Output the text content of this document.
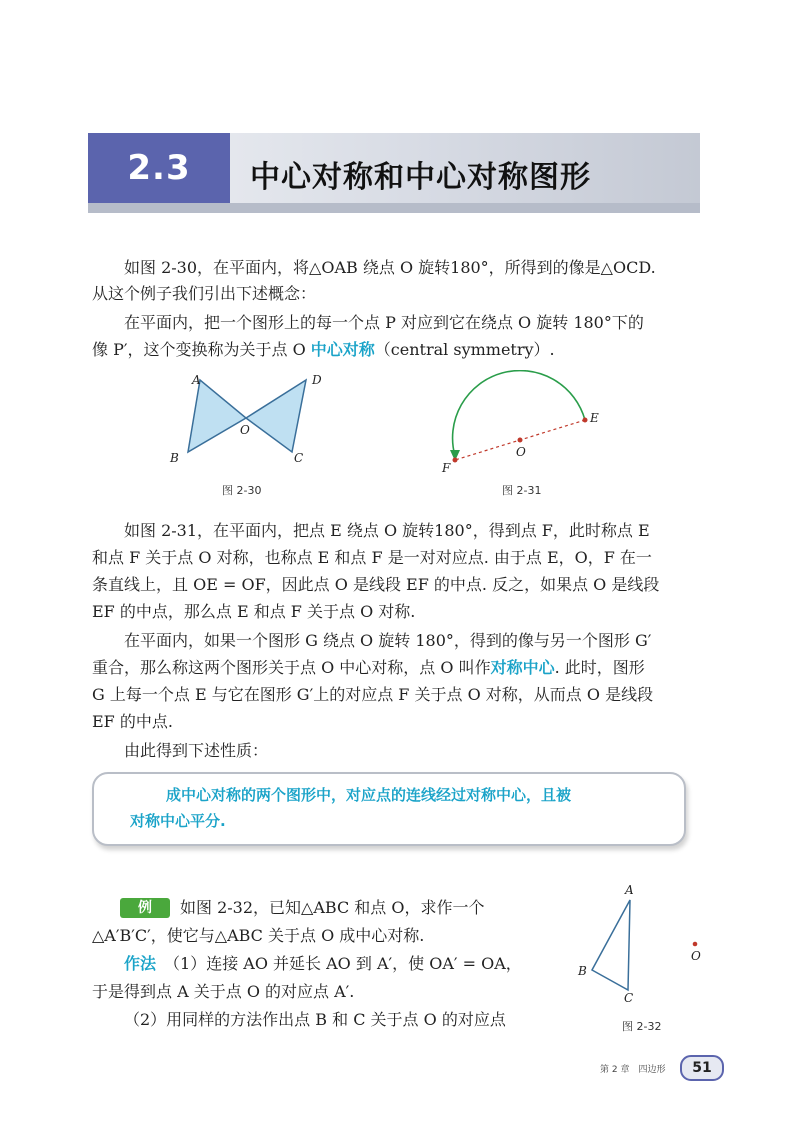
2.3	中心对称和中心对称图形
如图 2-30，在平面内，将△OAB 绕点 O 旋转180°，所得到的像是△OCD.
从这个例子我们引出下述概念：
在平面内，把一个图形上的每一个点 P 对应到它在绕点 O 旋转 180°下的
像 P′，这个变换称为关于点 O 中心对称（central symmetry）.
A	D
O
B	C
图 2-30
E
O
F
图 2-31
如图 2-31，在平面内，把点 E 绕点 O 旋转180°，得到点 F，此时称点 E
和点 F 关于点 O 对称，也称点 E 和点 F 是一对对应点. 由于点 E，O，F 在一
条直线上，且 OE = OF，因此点 O 是线段 EF 的中点. 反之，如果点 O 是线段
EF 的中点，那么点 E 和点 F 关于点 O 对称.
在平面内，如果一个图形 G 绕点 O 旋转 180°，得到的像与另一个图形 G′
重合，那么称这两个图形关于点 O 中心对称，点 O 叫作对称中心. 此时，图形
G 上每一个点 E 与它在图形 G′上的对应点 F 关于点 O 对称，从而点 O 是线段
EF 的中点.
由此得到下述性质：
成中心对称的两个图形中，对应点的连线经过对称中心，且被
对称中心平分.
例	如图 2-32，已知△ABC 和点 O，求作一个
△A′B′C′，使它与△ABC 关于点 O 成中心对称.
作法  （1）连接 AO 并延长 AO 到 A′，使 OA′ = OA，
于是得到点 A 关于点 O 的对应点 A′.
（2）用同样的方法作出点 B 和 C 关于点 O 的对应点
A
B
C
O
图 2-32
第 2 章　四边形	51
